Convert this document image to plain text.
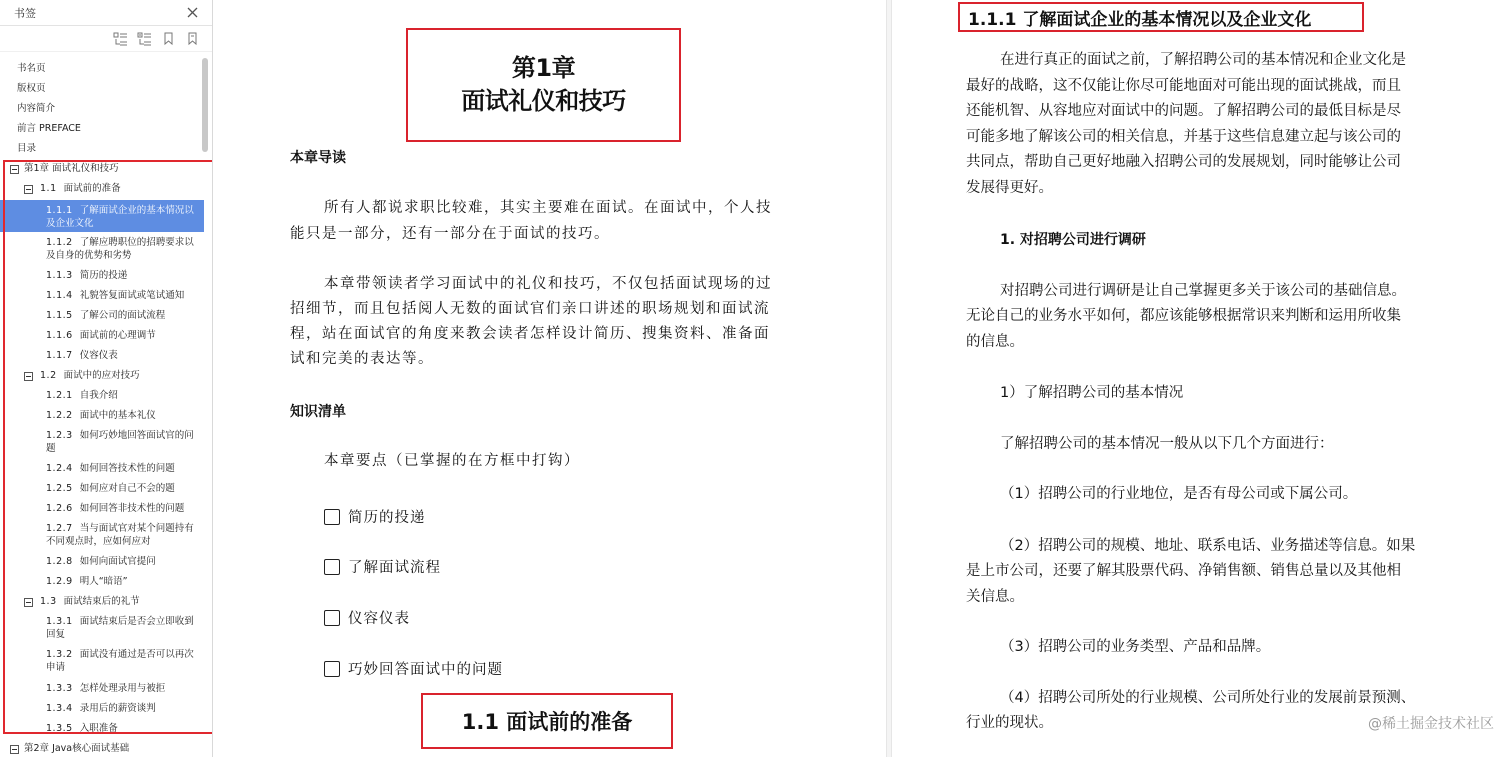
书签
书名页
版权页
内容简介
前言 PREFACE
目录
第1章 面试礼仪和技巧
1.1 面试前的准备
1.1.1 了解面试企业的基本情况以及企业文化
1.1.2 了解应聘职位的招聘要求以及自身的优势和劣势
1.1.3 简历的投递
1.1.4 礼貌答复面试或笔试通知
1.1.5 了解公司的面试流程
1.1.6 面试前的心理调节
1.1.7 仪容仪表
1.2 面试中的应对技巧
1.2.1 自我介绍
1.2.2 面试中的基本礼仪
1.2.3 如何巧妙地回答面试官的问题
1.2.4 如何回答技术性的问题
1.2.5 如何应对自己不会的题
1.2.6 如何回答非技术性的问题
1.2.7 当与面试官对某个问题持有不同观点时，应如何应对
1.2.8 如何向面试官提问
1.2.9 明人“暗语”
1.3 面试结束后的礼节
1.3.1 面试结束后是否会立即收到回复
1.3.2 面试没有通过是否可以再次申请
1.3.3 怎样处理录用与被拒
1.3.4 录用后的薪资谈判
1.3.5 入职准备
第2章 Java核心面试基础
第1章
面试礼仪和技巧
本章导读
所有人都说求职比较难，其实主要难在面试。在面试中，个人技
能只是一部分，还有一部分在于面试的技巧。
本章带领读者学习面试中的礼仪和技巧，不仅包括面试现场的过
招细节，而且包括阅人无数的面试官们亲口讲述的职场规划和面试流
程，站在面试官的角度来教会读者怎样设计简历、搜集资料、准备面
试和完美的表达等。
知识清单
本章要点（已掌握的在方框中打钩）
简历的投递
了解面试流程
仪容仪表
巧妙回答面试中的问题
1.1 面试前的准备
1.1.1 了解面试企业的基本情况以及企业文化
在进行真正的面试之前，了解招聘公司的基本情况和企业文化是
最好的战略，这不仅能让你尽可能地面对可能出现的面试挑战，而且
还能机智、从容地应对面试中的问题。了解招聘公司的最低目标是尽
可能多地了解该公司的相关信息，并基于这些信息建立起与该公司的
共同点，帮助自己更好地融入招聘公司的发展规划，同时能够让公司
发展得更好。
1. 对招聘公司进行调研
对招聘公司进行调研是让自己掌握更多关于该公司的基础信息。
无论自己的业务水平如何，都应该能够根据常识来判断和运用所收集
的信息。
1）了解招聘公司的基本情况
了解招聘公司的基本情况一般从以下几个方面进行：
（1）招聘公司的行业地位，是否有母公司或下属公司。
（2）招聘公司的规模、地址、联系电话、业务描述等信息。如果
是上市公司，还要了解其股票代码、净销售额、销售总量以及其他相
关信息。
（3）招聘公司的业务类型、产品和品牌。
（4）招聘公司所处的行业规模、公司所处行业的发展前景预测、
行业的现状。	@稀土掘金技术社区
